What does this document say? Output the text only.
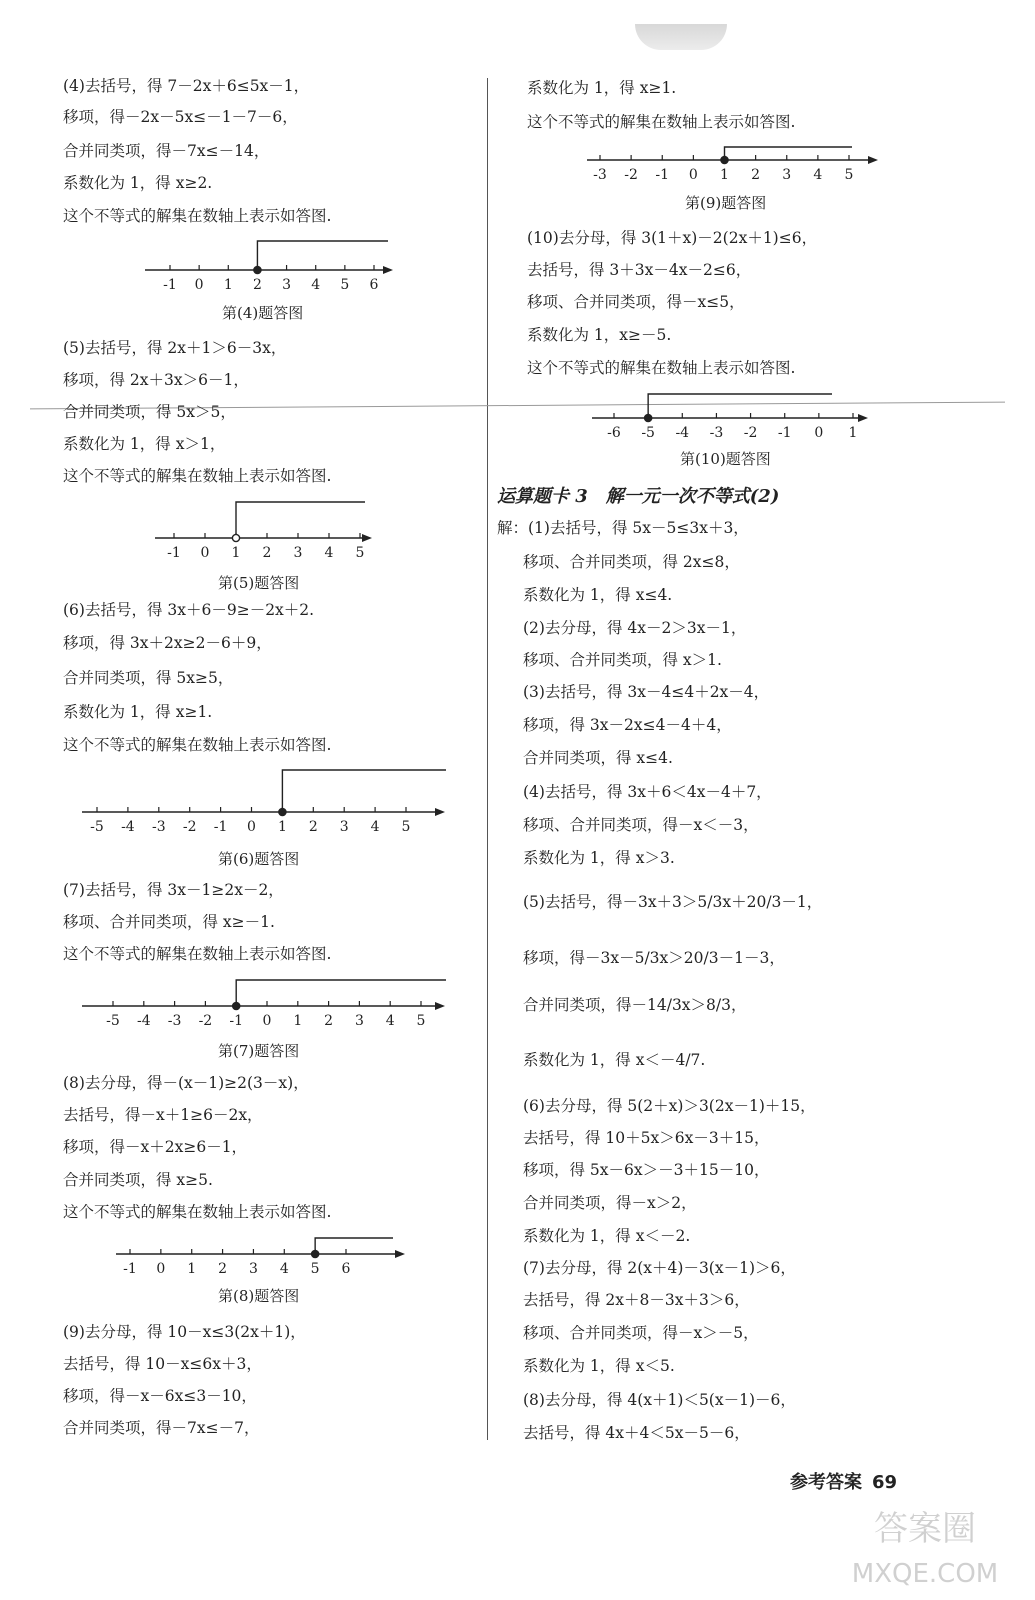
(4)去括号，得 7－2x＋6≤5x－1，
移项，得－2x－5x≤－1－7－6，
合并同类项，得－7x≤－14，
系数化为 1，得 x≥2.
这个不等式的解集在数轴上表示如答图.
(5)去括号，得 2x＋1＞6－3x，
移项，得 2x＋3x＞6－1，
合并同类项，得 5x＞5，
系数化为 1，得 x＞1，
这个不等式的解集在数轴上表示如答图.
(6)去括号，得 3x＋6－9≥－2x＋2.
移项，得 3x＋2x≥2－6＋9，
合并同类项，得 5x≥5，
系数化为 1，得 x≥1.
这个不等式的解集在数轴上表示如答图.
(7)去括号，得 3x－1≥2x－2，
移项、合并同类项，得 x≥－1.
这个不等式的解集在数轴上表示如答图.
(8)去分母，得－(x－1)≥2(3－x)，
去括号，得－x＋1≥6－2x，
移项，得－x＋2x≥6－1，
合并同类项，得 x≥5.
这个不等式的解集在数轴上表示如答图.
(9)去分母，得 10－x≤3(2x＋1)，
去括号，得 10－x≤6x＋3，
移项，得－x－6x≤3－10，
合并同类项，得－7x≤－7，
系数化为 1，得 x≥1.
这个不等式的解集在数轴上表示如答图.
(10)去分母，得 3(1＋x)－2(2x＋1)≤6，
去括号，得 3＋3x－4x－2≤6，
移项、合并同类项，得－x≤5，
系数化为 1，x≥－5.
这个不等式的解集在数轴上表示如答图.
解：(1)去括号，得 5x－5≤3x＋3，
移项、合并同类项，得 2x≤8，
系数化为 1，得 x≤4.
(2)去分母，得 4x－2＞3x－1，
移项、合并同类项，得 x＞1.
(3)去括号，得 3x－4≤4＋2x－4，
移项，得 3x－2x≤4－4＋4，
合并同类项，得 x≤4.
(4)去括号，得 3x＋6＜4x－4＋7，
移项、合并同类项，得－x＜－3，
系数化为 1，得 x＞3.
(5)去括号，得－3x＋3＞5/3x＋20/3－1，
移项，得－3x－5/3x＞20/3－1－3，
合并同类项，得－14/3x＞8/3，
系数化为 1，得 x＜－4/7.
(6)去分母，得 5(2＋x)＞3(2x－1)＋15，
去括号，得 10＋5x＞6x－3＋15，
移项，得 5x－6x＞－3＋15－10，
合并同类项，得－x＞2，
系数化为 1，得 x＜－2.
(7)去分母，得 2(x＋4)－3(x－1)＞6，
去括号，得 2x＋8－3x＋3＞6，
移项、合并同类项，得－x＞－5，
系数化为 1，得 x＜5.
(8)去分母，得 4(x＋1)＜5(x－1)－6，
去括号，得 4x＋4＜5x－5－6，
-1 0 1 2 3 4 5 6
第(4)题答图
-1 0 1 2 3 4 5
第(5)题答图
-5 -4 -3 -2 -1 0 1 2 3 4 5
第(6)题答图
-5 -4 -3 -2 -1 0 1 2 3 4 5
第(7)题答图
-1 0 1 2 3 4 5 6
第(8)题答图
-3 -2 -1 0 1 2 3 4 5
第(9)题答图
-6 -5 -4 -3 -2 -1 0 1
第(10)题答图
运算题卡 3　解一元一次不等式(2)
参考答案 69
答案圈
MXQE.COM
